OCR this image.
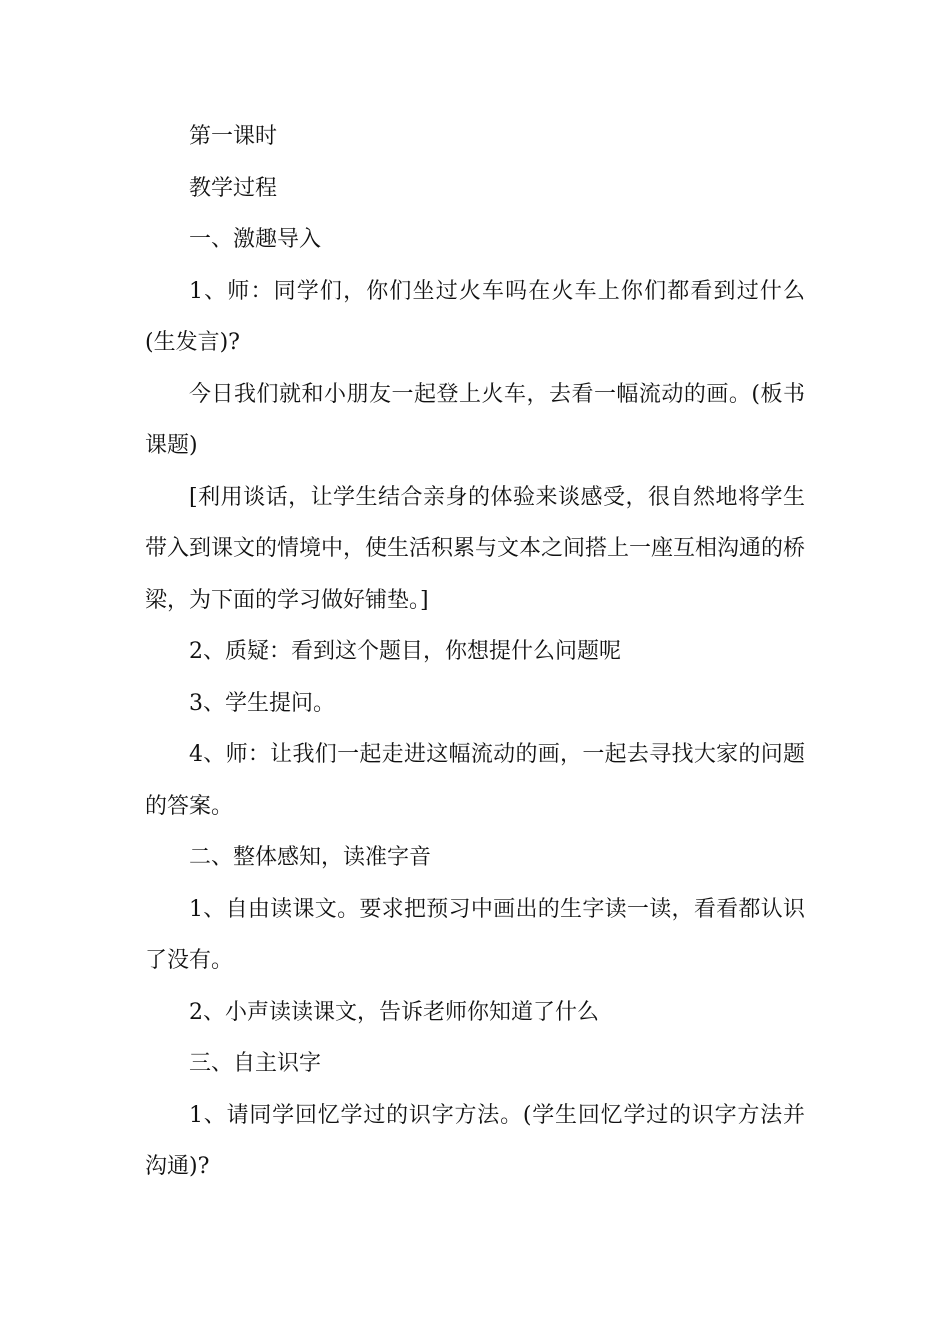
第一课时

教学过程

一、激趣导入

1、师：同学们，你们坐过火车吗在火车上你们都看到过什么(生发言)?

今日我们就和小朋友一起登上火车，去看一幅流动的画。(板书课题)

[利用谈话，让学生结合亲身的体验来谈感受，很自然地将学生带入到课文的情境中，使生活积累与文本之间搭上一座互相沟通的桥梁，为下面的学习做好铺垫。]

2、质疑：看到这个题目，你想提什么问题呢

3、学生提问。

4、师：让我们一起走进这幅流动的画，一起去寻找大家的问题的答案。

二、整体感知，读准字音

1、自由读课文。要求把预习中画出的生字读一读，看看都认识了没有。

2、小声读读课文，告诉老师你知道了什么

三、自主识字

1、请同学回忆学过的识字方法。(学生回忆学过的识字方法并沟通)?
